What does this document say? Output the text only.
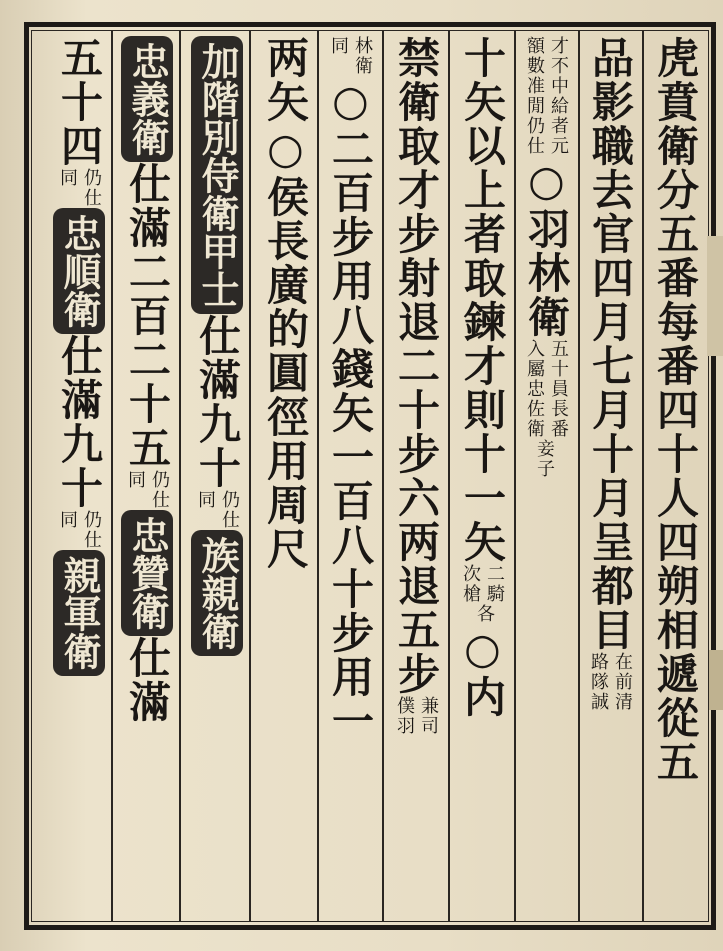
虎賁衛分五番每番四十人四朔相遞從五
品影職去官四月七月十月呈都目
在前
路隊
清
誠
才不中給者元
額數准閒仍仕
○羽林衛
五十員長番
入屬忠佐衛
妾子
十矢以上者取鍊才則十一矢
二
次
騎
槍
各
○内
禁衛取才步射退二十步六两退五步
兼司
僕羽
林衛
同
○二百步用八錢矢一百八十步用一
两矢○侯長廣的圓徑用周尺
加階別侍衛甲士
仕滿九十
仍仕
同
族親衛
忠義衛
仕滿二百二十五
仍仕
同
忠贊衛
仕滿
五十四
仍仕
同
忠順衛
仕滿九十
仍仕
同
親軍衛
